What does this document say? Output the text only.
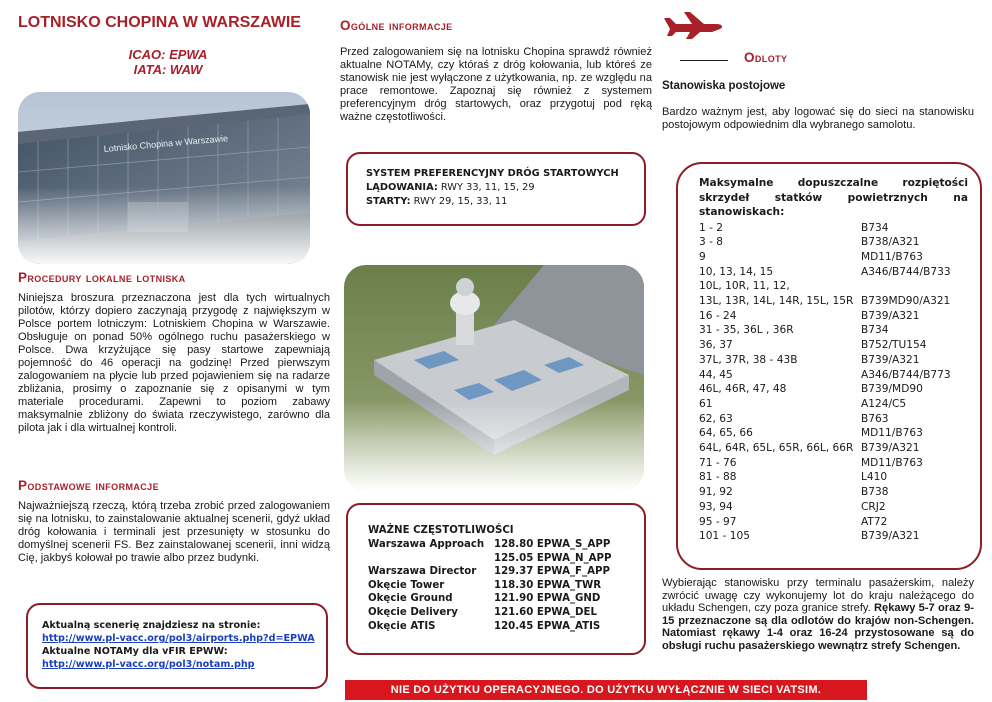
LOTNISKO CHOPINA W WARSZAWIE
ICAO: EPWA
IATA: WAW
Procedury lokalne lotniska
Niniejsza broszura przeznaczona jest dla tych wirtualnych pilotów, którzy dopiero zaczynają przygodę z największym w Polsce portem lotniczym: Lotniskiem Chopina w Warszawie. Obsługuje on ponad 50% ogólnego ruchu pasażerskiego w Polsce. Dwa krzyżujące się pasy startowe zapewniają pojemność do 46 operacji na godzinę! Przed pierwszym zalogowaniem na płycie lub przed pojawieniem się na radarze zbliżania, prosimy o zapoznanie się z opisanymi w tym materiale procedurami. Zapewni to poziom zabawy maksymalnie zbliżony do świata rzeczywistego, zarówno dla pilota jak i dla wirtualnej kontroli.
Podstawowe informacje
Najważniejszą rzeczą, którą trzeba zrobić przed zalogowaniem się na lotnisku, to zainstalowanie aktualnej scenerii, gdyż układ dróg kołowania i terminali jest przesunięty w stosunku do domyślnej scenerii FS. Bez zainstalowanej scenerii, inni widzą Cię, jakbyś kołował po trawie albo przez budynki.
Aktualną scenerię znajdziesz na stronie:
http://www.pl-vacc.org/pol3/airports.php?d=EPWA
Aktualne NOTAMy dla vFIR EPWW:
http://www.pl-vacc.org/pol3/notam.php
Ogólne informacje
Przed zalogowaniem się na lotnisku Chopina sprawdź również aktualne NOTAMy, czy któraś z dróg kołowania, lub któreś ze stanowisk nie jest wyłączone z użytkowania, np. ze względu na prace remontowe. Zapoznaj się również z systemem preferencyjnym dróg startowych, oraz przygotuj pod ręką ważne częstotliwości.
SYSTEM PREFERENCYJNY DRÓG STARTOWYCH
LĄDOWANIA: RWY 33, 11, 15, 29
STARTY: RWY 29, 15, 33, 11
WAŻNE CZĘSTOTLIWOŚCI
Warszawa Approach 128.80 EPWA_S_APP
125.05 EPWA_N_APP
Warszawa Director	129.37 EPWA_F_APP
Okęcie Tower	118.30 EPWA_TWR
Okęcie Ground	121.90 EPWA_GND
Okęcie Delivery	121.60 EPWA_DEL
Okęcie ATIS	120.45 EPWA_ATIS
Odloty
Stanowiska postojowe
Bardzo ważnym jest, aby logować się do sieci na stanowisku postojowym odpowiednim dla wybranego samolotu.
Maksymalne dopuszczalne rozpiętości skrzydeł statków powietrznych na stanowiskach:
1 - 2	B734
3 - 8	B738/A321
9	MD11/B763
10, 13, 14, 15	A346/B744/B733
10L, 10R, 11, 12,
13L, 13R, 14L, 14R, 15L, 15R B739MD90/A321
16 - 24	B739/A321
31 - 35, 36L , 36R	B734
36, 37	B752/TU154
37L, 37R, 38 - 43B	B739/A321
44, 45	A346/B744/B773
46L, 46R, 47, 48	B739/MD90
61	A124/C5
62, 63	B763
64, 65, 66	MD11/B763
64L, 64R, 65L, 65R, 66L, 66R B739/A321
71 - 76	MD11/B763
81 - 88	L410
91, 92	B738
93, 94	CRJ2
95 - 97	AT72
101 - 105	B739/A321
Wybierając stanowisku przy terminalu pasażerskim, należy zwrócić uwagę czy wykonujemy lot do kraju należącego do układu Schengen, czy poza granice strefy. Rękawy 5-7 oraz 9-15 przeznaczone są dla odlotów do krajów non-Schengen. Natomiast rękawy 1-4 oraz 16-24 przystosowane są do obsługi ruchu pasażerskiego wewnątrz strefy Schengen.
NIE DO UŻYTKU OPERACYJNEGO. DO UŻYTKU WYŁĄCZNIE W SIECI VATSIM.
